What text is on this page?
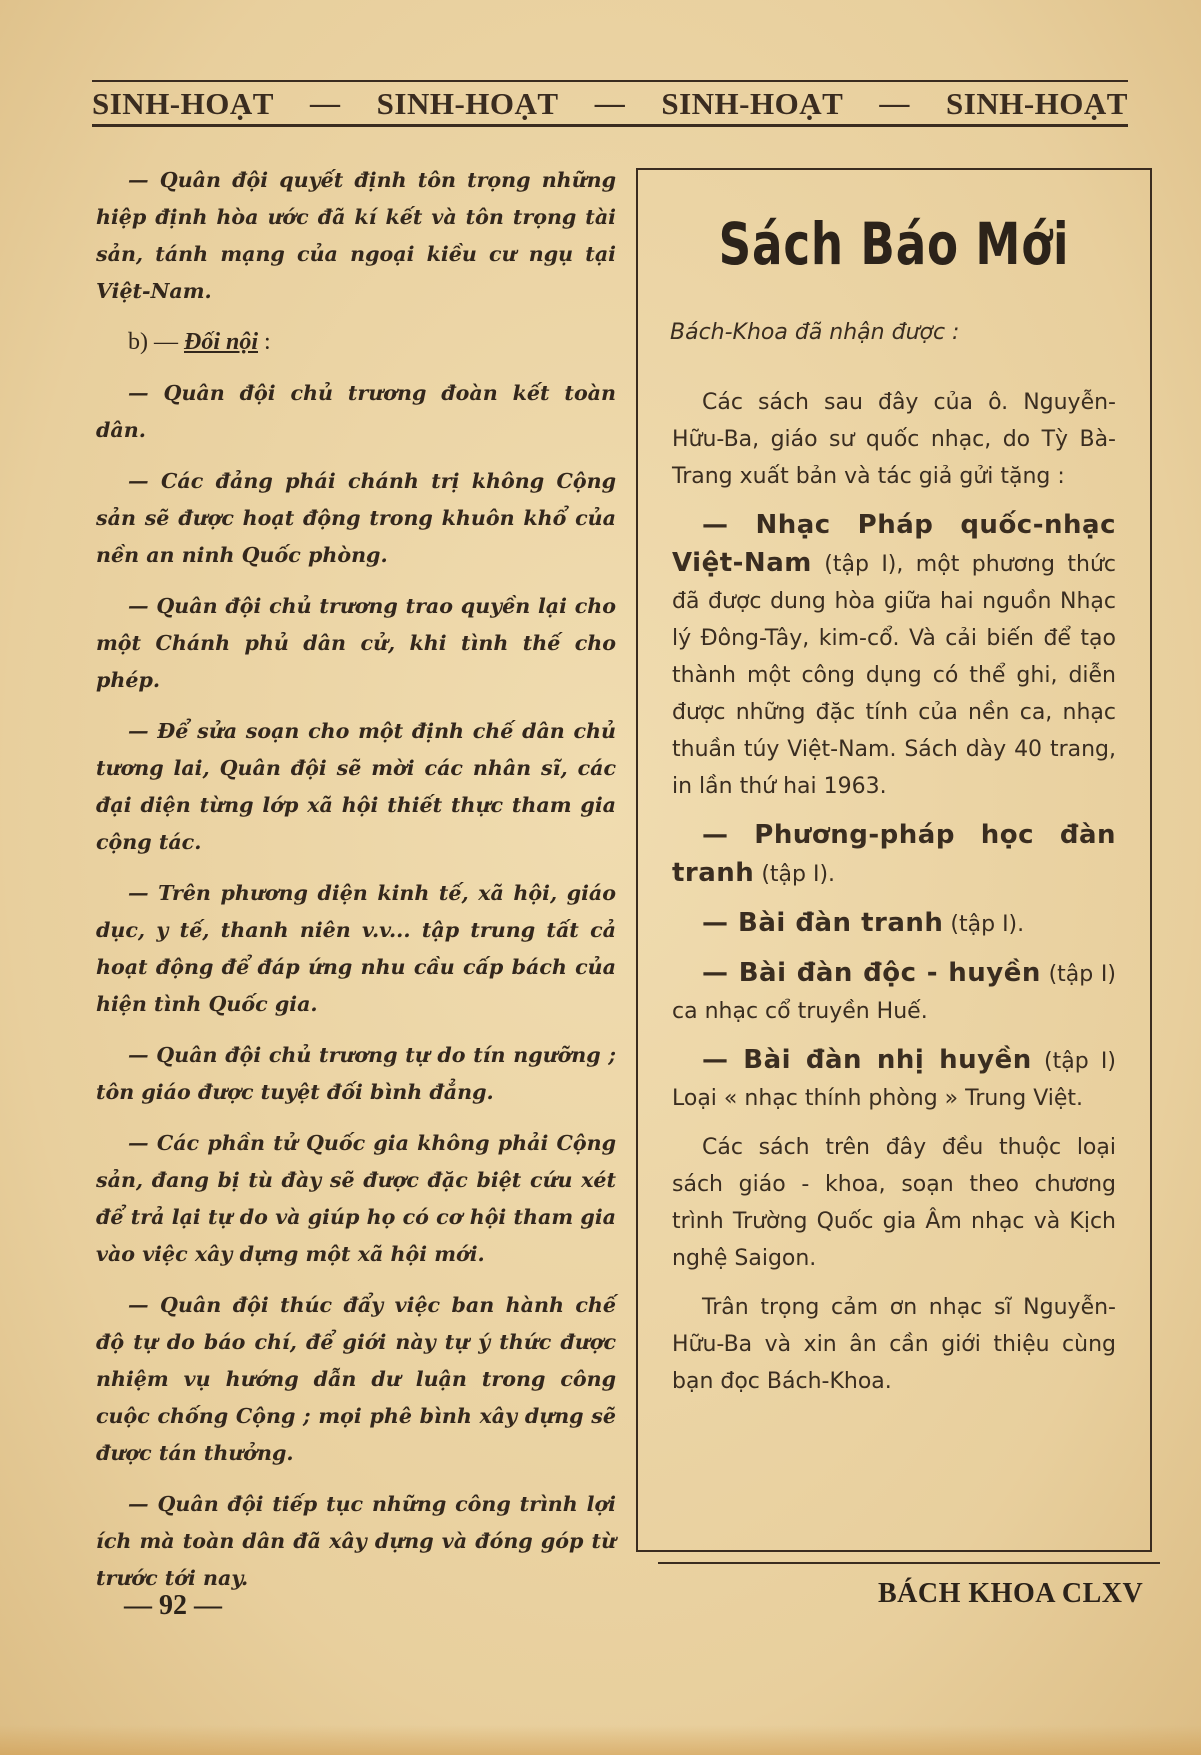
SINH-HOẠT — SINH-HOẠT — SINH-HOẠT — SINH-HOẠT

— Quân đội quyết định tôn trọng những hiệp định hòa ước đã kí kết và tôn trọng tài sản, tánh mạng của ngoại kiều cư ngụ tại Việt-Nam.

b) — Đối nội :

— Quân đội chủ trương đoàn kết toàn dân.

— Các đảng phái chánh trị không Cộng sản sẽ được hoạt động trong khuôn khổ của nền an ninh Quốc phòng.

— Quân đội chủ trương trao quyền lại cho một Chánh phủ dân cử, khi tình thế cho phép.

— Để sửa soạn cho một định chế dân chủ tương lai, Quân đội sẽ mời các nhân sĩ, các đại diện từng lớp xã hội thiết thực tham gia cộng tác.

— Trên phương diện kinh tế, xã hội, giáo dục, y tế, thanh niên v.v... tập trung tất cả hoạt động để đáp ứng nhu cầu cấp bách của hiện tình Quốc gia.

— Quân đội chủ trương tự do tín ngưỡng ; tôn giáo được tuyệt đối bình đẳng.

— Các phần tử Quốc gia không phải Cộng sản, đang bị tù đày sẽ được đặc biệt cứu xét để trả lại tự do và giúp họ có cơ hội tham gia vào việc xây dựng một xã hội mới.

— Quân đội thúc đẩy việc ban hành chế độ tự do báo chí, để giới này tự ý thức được nhiệm vụ hướng dẫn dư luận trong công cuộc chống Cộng ; mọi phê bình xây dựng sẽ được tán thưởng.

— Quân đội tiếp tục những công trình lợi ích mà toàn dân đã xây dựng và đóng góp từ trước tới nay.

Sách Báo Mới
Bách-Khoa đã nhận được :

Các sách sau đây của ô. Nguyễn-Hữu-Ba, giáo sư quốc nhạc, do Tỳ Bà-Trang xuất bản và tác giả gửi tặng :

— Nhạc Pháp quốc-nhạc Việt-Nam (tập I), một phương thức đã được dung hòa giữa hai nguồn Nhạc lý Đông-Tây, kim-cổ. Và cải biến để tạo thành một công dụng có thể ghi, diễn được những đặc tính của nền ca, nhạc thuần túy Việt-Nam. Sách dày 40 trang, in lần thứ hai 1963.

— Phương-pháp học đàn tranh (tập I).

— Bài đàn tranh (tập I).

— Bài đàn độc - huyền (tập I) ca nhạc cổ truyền Huế.

— Bài đàn nhị huyền (tập I) Loại « nhạc thính phòng » Trung Việt.

Các sách trên đây đều thuộc loại sách giáo - khoa, soạn theo chương trình Trường Quốc gia Âm nhạc và Kịch nghệ Saigon.

Trân trọng cảm ơn nhạc sĩ Nguyễn-Hữu-Ba và xin ân cần giới thiệu cùng bạn đọc Bách-Khoa.

— 92 —	BÁCH KHOA CLXV
